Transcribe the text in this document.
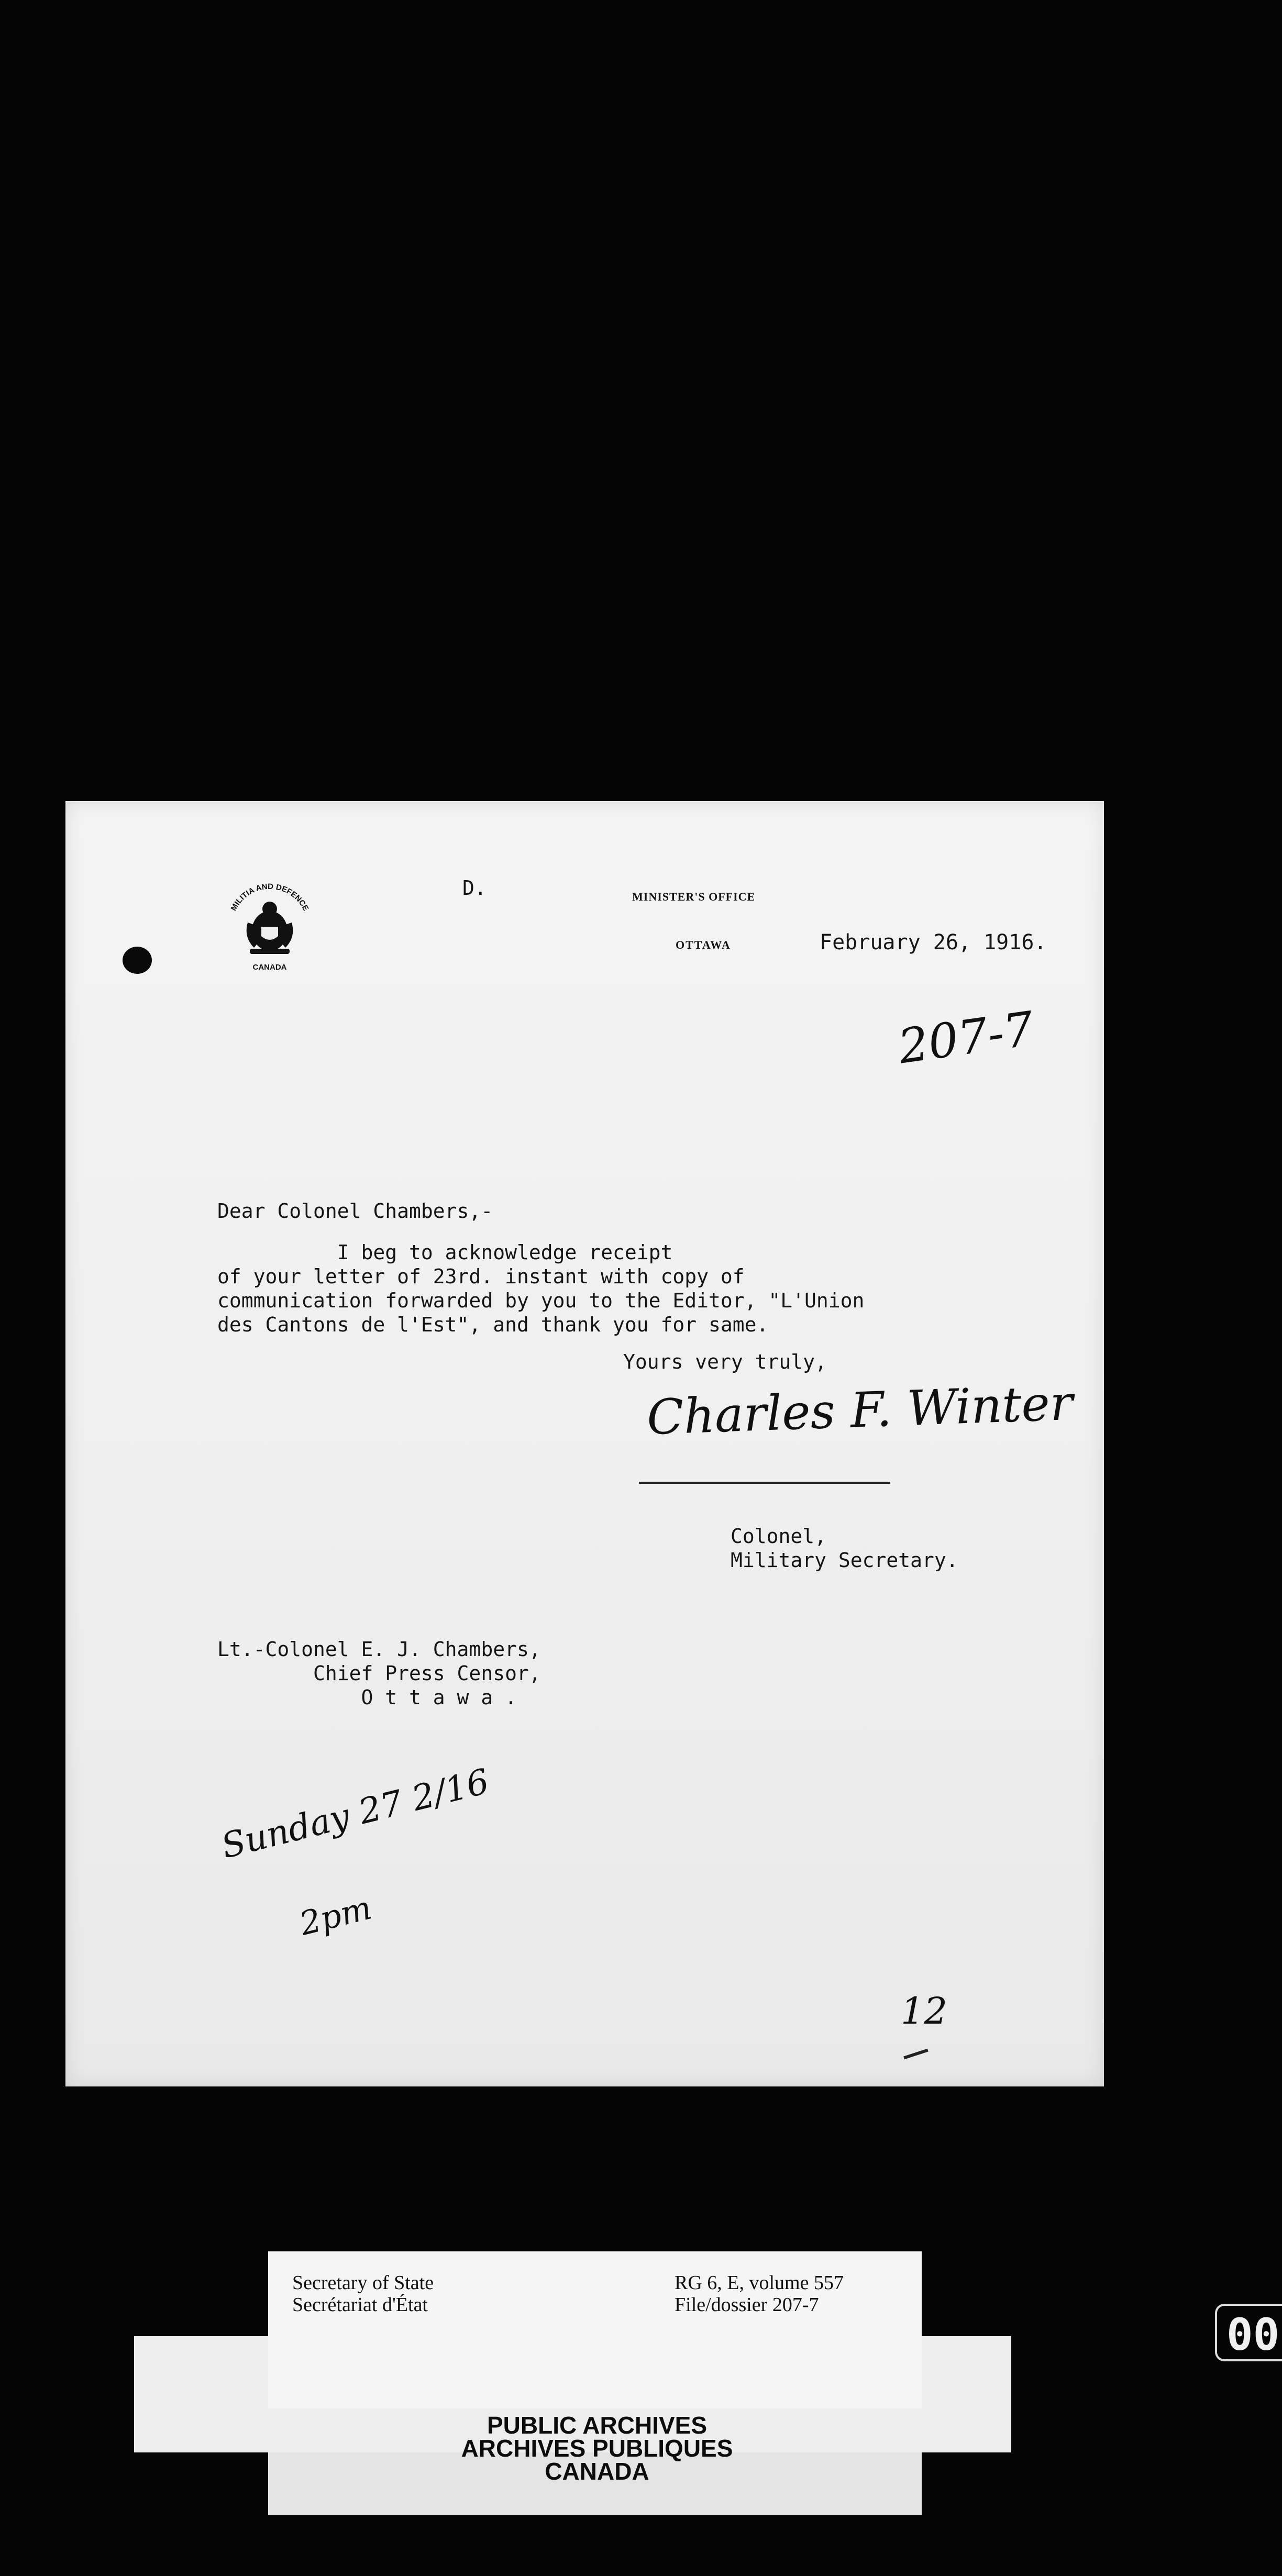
MILITIA AND DEFENCE
CANADA
D.	MINISTER'S OFFICE
OTTAWA	February 26, 1916.
207-7
Dear Colonel Chambers,-
I beg to acknowledge receipt
of your letter of 23rd. instant with copy of
communication forwarded by you to the Editor, "L'Union
des Cantons de l'Est", and thank you for same.
Yours very truly,
Charles F. Winter
Colonel,
Military Secretary.
Lt.-Colonel E. J. Chambers,
Chief Press Censor,
O t t a w a .
Sunday 27 2/16
2pm
12
Secretary of State
Secrétariat d'État
RG 6, E, volume 557
File/dossier 207-7
PUBLIC ARCHIVES
ARCHIVES PUBLIQUES
CANADA
00
